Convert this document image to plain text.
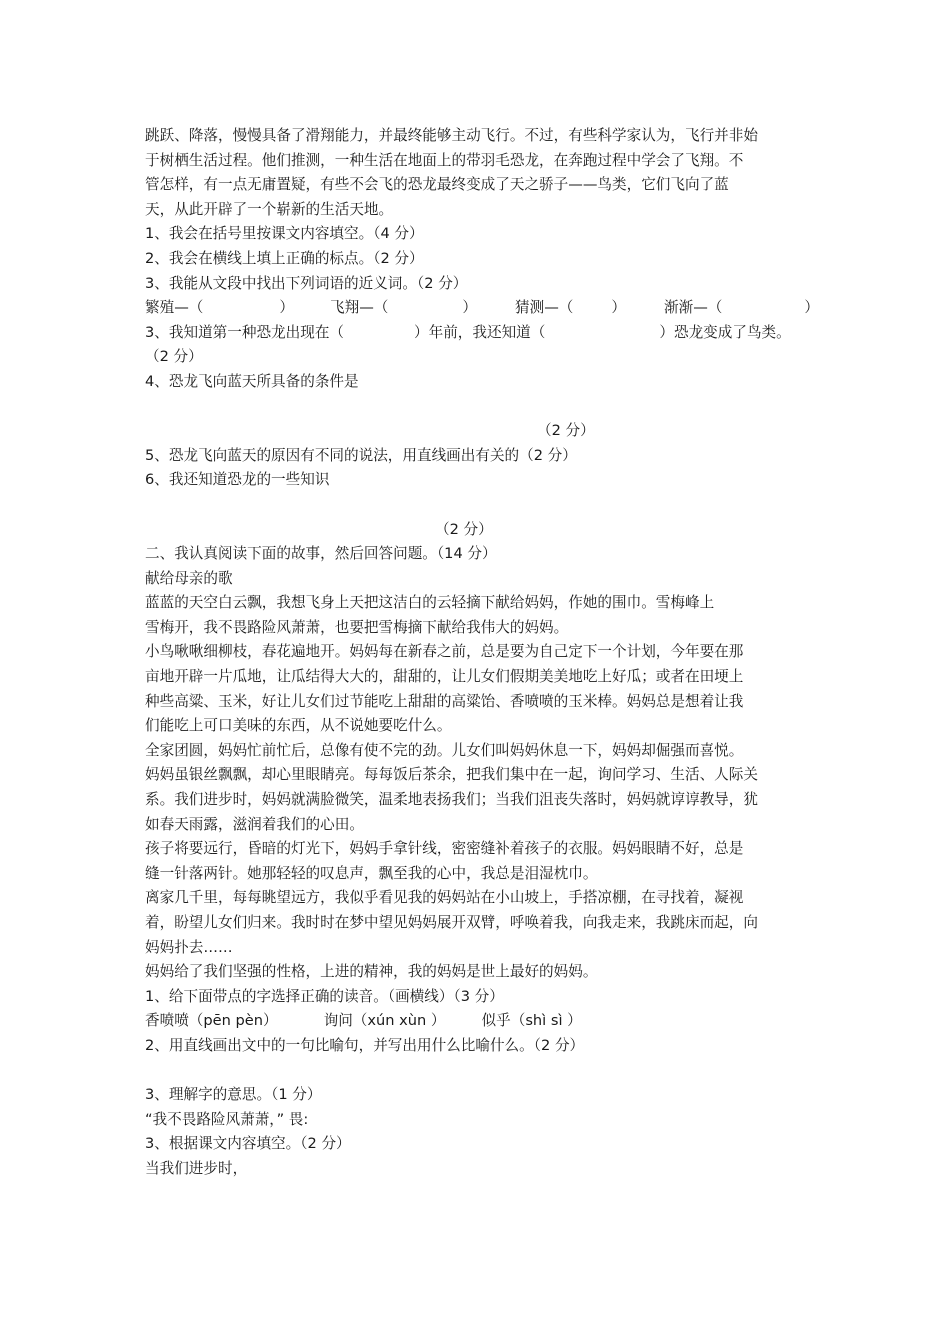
跳跃、降落，慢慢具备了滑翔能力，并最终能够主动飞行。不过，有些科学家认为，飞行并非始
于树栖生活过程。他们推测，一种生活在地面上的带羽毛恐龙，在奔跑过程中学会了飞翔。不
管怎样，有一点无庸置疑，有些不会飞的恐龙最终变成了天之骄子——鸟类，它们飞向了蓝
天，从此开辟了一个崭新的生活天地。
1、我会在括号里按课文内容填空。（4 分）
2、我会在横线上填上正确的标点。（2 分）
3、我能从文段中找出下列词语的近义词。（2 分）
繁殖—（	） 飞翔—（	）	猜测—（	）	渐渐—（	）
3、我知道第一种恐龙出现在（	）年前，我还知道（	）恐龙变成了鸟类。
（2 分）
4、恐龙飞向蓝天所具备的条件是
（2 分）
5、恐龙飞向蓝天的原因有不同的说法，用直线画出有关的（2 分）
6、我还知道恐龙的一些知识
（2 分）
二、我认真阅读下面的故事，然后回答问题。（14 分）
献给母亲的歌
蓝蓝的天空白云飘，我想飞身上天把这洁白的云轻摘下献给妈妈，作她的围巾。雪梅峰上
雪梅开，我不畏路险风萧萧，也要把雪梅摘下献给我伟大的妈妈。
小鸟啾啾细柳枝，春花遍地开。妈妈每在新春之前，总是要为自己定下一个计划，今年要在那
亩地开辟一片瓜地，让瓜结得大大的，甜甜的，让儿女们假期美美地吃上好瓜；或者在田埂上
种些高粱、玉米，好让儿女们过节能吃上甜甜的高粱饴、香喷喷的玉米棒。妈妈总是想着让我
们能吃上可口美味的东西，从不说她要吃什么。
全家团圆，妈妈忙前忙后，总像有使不完的劲。儿女们叫妈妈休息一下，妈妈却倔强而喜悦。
妈妈虽银丝飘飘，却心里眼睛亮。每每饭后茶余，把我们集中在一起，询问学习、生活、人际关
系。我们进步时，妈妈就满脸微笑，温柔地表扬我们；当我们沮丧失落时，妈妈就谆谆教导，犹
如春天雨露，滋润着我们的心田。
孩子将要远行，昏暗的灯光下，妈妈手拿针线，密密缝补着孩子的衣服。妈妈眼睛不好，总是
缝一针落两针。她那轻轻的叹息声，飘至我的心中，我总是泪湿枕巾。
离家几千里，每每眺望远方，我似乎看见我的妈妈站在小山坡上，手搭凉棚，在寻找着，凝视
着，盼望儿女们归来。我时时在梦中望见妈妈展开双臂，呼唤着我，向我走来，我跳床而起，向
妈妈扑去……
妈妈给了我们坚强的性格，上进的精神，我的妈妈是世上最好的妈妈。
1、给下面带点的字选择正确的读音。（画横线）（3 分）
香喷喷（pēn pèn）	询问（xún xùn ） 似乎（shì sì ）
2、用直线画出文中的一句比喻句，并写出用什么比喻什么。（2 分）
3、理解字的意思。（1 分）
“我不畏路险风萧萧，” 畏:
3、根据课文内容填空。（2 分）
当我们进步时，
